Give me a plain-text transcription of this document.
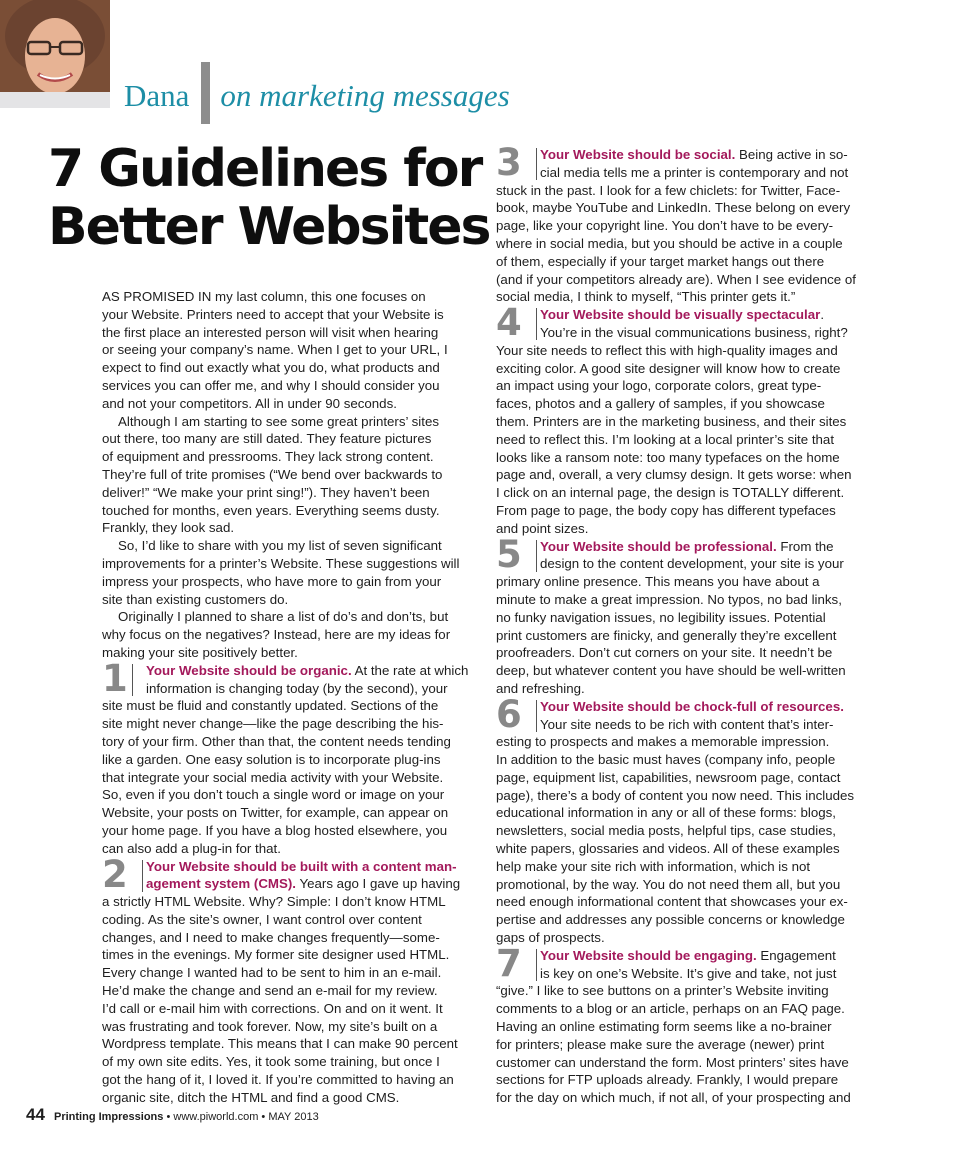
Dana on marketing messages
7 Guidelines for
Better Websites

AS PROMISED IN my last column, this one focuses on

your Website. Printers need to accept that your Website is

the first place an interested person will visit when hearing

or seeing your company’s name. When I get to your URL, I

expect to find out exactly what you do, what products and

services you can offer me, and why I should consider you

and not your competitors. All in under 90 seconds.

Although I am starting to see some great printers’ sites

out there, too many are still dated. They feature pictures

of equipment and pressrooms. They lack strong content.

They’re full of trite promises (“We bend over backwards to

deliver!” “We make your print sing!”). They haven’t been

touched for months, even years. Everything seems dusty.

Frankly, they look sad.

So, I’d like to share with you my list of seven significant

improvements for a printer’s Website. These suggestions will

impress your prospects, who have more to gain from your

site than existing customers do.

Originally I planned to share a list of do’s and don’ts, but

why focus on the negatives? Instead, here are my ideas for

making your site positively better.

1	Your Website should be organic. At the rate at which

information is changing today (by the second), your

site must be fluid and constantly updated. Sections of the

site might never change—like the page describing the his-

tory of your firm. Other than that, the content needs tending

like a garden. One easy solution is to incorporate plug-ins

that integrate your social media activity with your Website.

So, even if you don’t touch a single word or image on your

Website, your posts on Twitter, for example, can appear on

your home page. If you have a blog hosted elsewhere, you

can also add a plug-in for that.

2	Your Website should be built with a content man-

agement system (CMS). Years ago I gave up having

a strictly HTML Website. Why? Simple: I don’t know HTML

coding. As the site’s owner, I want control over content

changes, and I need to make changes frequently—some-

times in the evenings. My former site designer used HTML.

Every change I wanted had to be sent to him in an e-mail.

He’d make the change and send an e-mail for my review.

I’d call or e-mail him with corrections. On and on it went. It

was frustrating and took forever. Now, my site’s built on a

Wordpress template. This means that I can make 90 percent

of my own site edits. Yes, it took some training, but once I

got the hang of it, I loved it. If you’re committed to having an

organic site, ditch the HTML and find a good CMS.

3	Your Website should be social. Being active in so-

cial media tells me a printer is contemporary and not

stuck in the past. I look for a few chiclets: for Twitter, Face-

book, maybe YouTube and LinkedIn. These belong on every

page, like your copyright line. You don’t have to be every-

where in social media, but you should be active in a couple

of them, especially if your target market hangs out there

(and if your competitors already are). When I see evidence of

social media, I think to myself, “This printer gets it.”

4	Your Website should be visually spectacular.

You’re in the visual communications business, right?

Your site needs to reflect this with high-quality images and

exciting color. A good site designer will know how to create

an impact using your logo, corporate colors, great type-

faces, photos and a gallery of samples, if you showcase

them. Printers are in the marketing business, and their sites

need to reflect this. I’m looking at a local printer’s site that

looks like a ransom note: too many typefaces on the home

page and, overall, a very clumsy design. It gets worse: when

I click on an internal page, the design is TOTALLY different.

From page to page, the body copy has different typefaces

and point sizes.

5	Your Website should be professional. From the

design to the content development, your site is your

primary online presence. This means you have about a

minute to make a great impression. No typos, no bad links,

no funky navigation issues, no legibility issues. Potential

print customers are finicky, and generally they’re excellent

proofreaders. Don’t cut corners on your site. It needn’t be

deep, but whatever content you have should be well-written

and refreshing.

6	Your Website should be chock-full of resources.

Your site needs to be rich with content that’s inter-

esting to prospects and makes a memorable impression.

In addition to the basic must haves (company info, people

page, equipment list, capabilities, newsroom page, contact

page), there’s a body of content you now need. This includes

educational information in any or all of these forms: blogs,

newsletters, social media posts, helpful tips, case studies,

white papers, glossaries and videos. All of these examples

help make your site rich with information, which is not

promotional, by the way. You do not need them all, but you

need enough informational content that showcases your ex-

pertise and addresses any possible concerns or knowledge

gaps of prospects.

7	Your Website should be engaging. Engagement

is key on one’s Website. It’s give and take, not just

“give.” I like to see buttons on a printer’s Website inviting

comments to a blog or an article, perhaps on an FAQ page.

Having an online estimating form seems like a no-brainer

for printers; please make sure the average (newer) print

customer can understand the form. Most printers’ sites have

sections for FTP uploads already. Frankly, I would prepare

for the day on which much, if not all, of your prospecting and

44 Printing Impressions • www.piworld.com • MAY 2013
